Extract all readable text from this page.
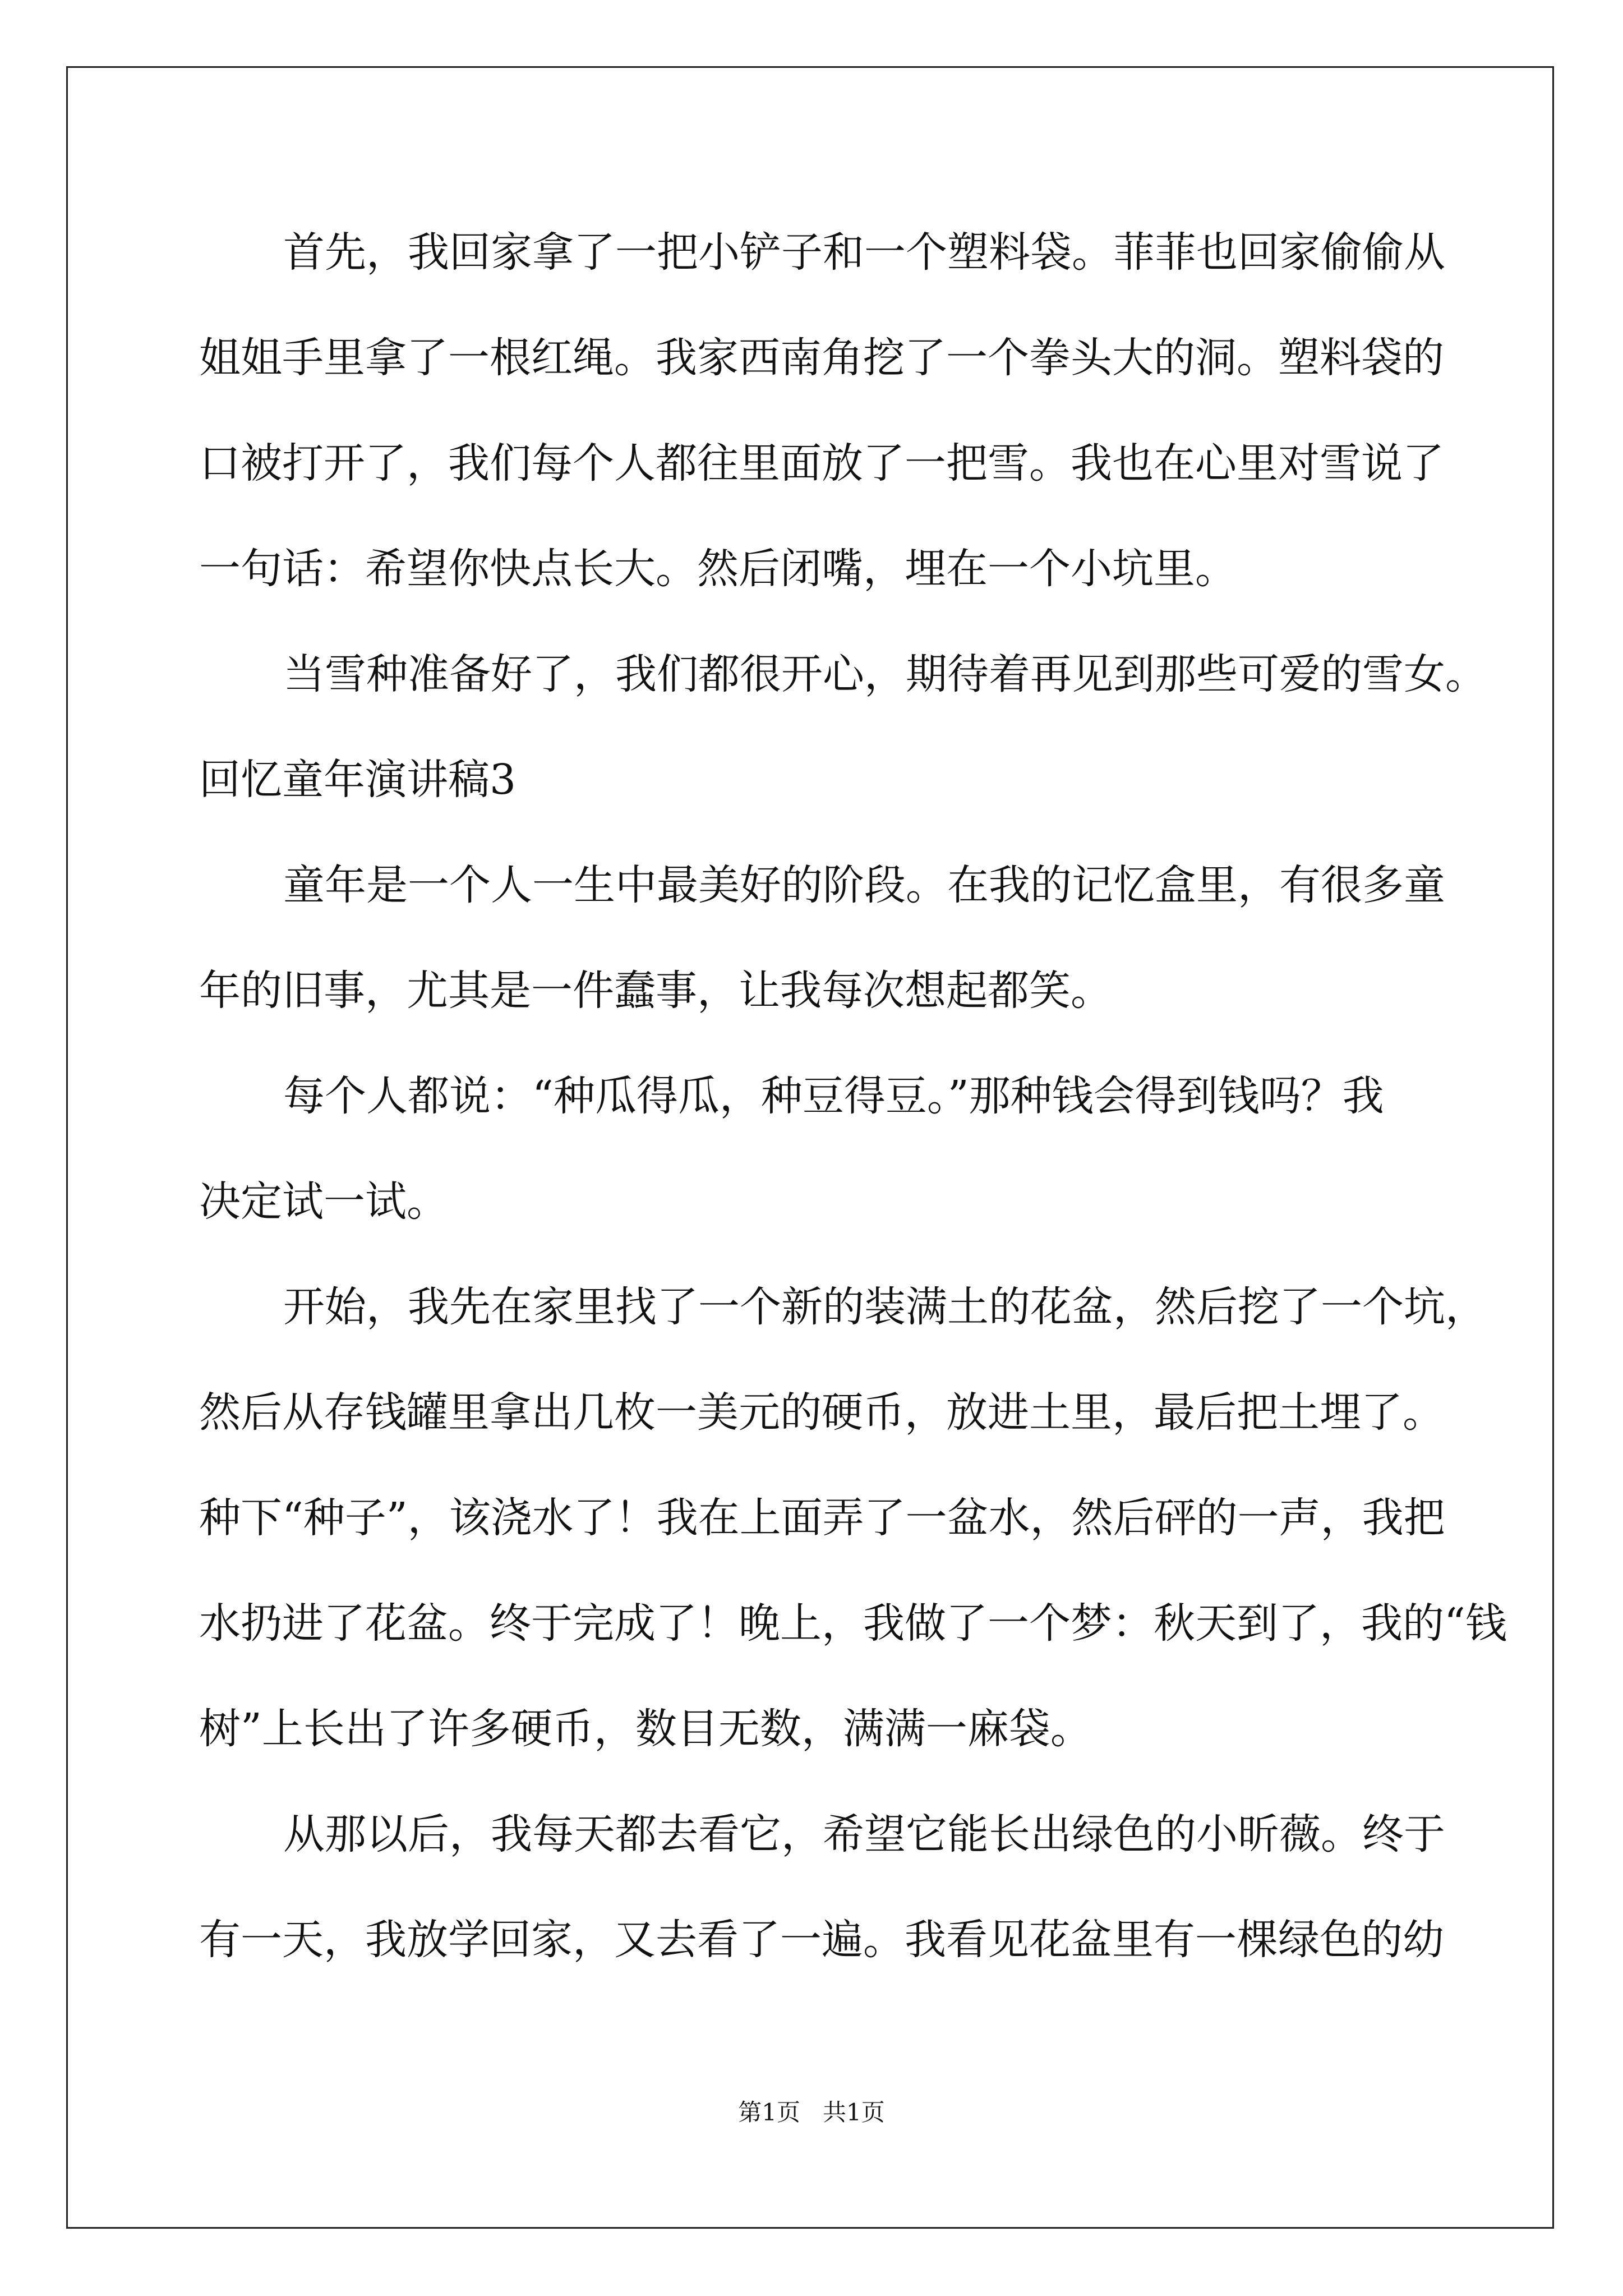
首先，我回家拿了一把小铲子和一个塑料袋。菲菲也回家偷偷从
姐姐手里拿了一根红绳。我家西南角挖了一个拳头大的洞。塑料袋的
口被打开了，我们每个人都往里面放了一把雪。我也在心里对雪说了
一句话：希望你快点长大。然后闭嘴，埋在一个小坑里。
当雪种准备好了，我们都很开心，期待着再见到那些可爱的雪女。
回忆童年演讲稿3
童年是一个人一生中最美好的阶段。在我的记忆盒里，有很多童
年的旧事，尤其是一件蠢事，让我每次想起都笑。
每个人都说：“种瓜得瓜，种豆得豆。”那种钱会得到钱吗？我
决定试一试。
开始，我先在家里找了一个新的装满土的花盆，然后挖了一个坑，
然后从存钱罐里拿出几枚一美元的硬币，放进土里，最后把土埋了。
种下“种子”，该浇水了！我在上面弄了一盆水，然后砰的一声，我把
水扔进了花盆。终于完成了！晚上，我做了一个梦：秋天到了，我的“钱
树”上长出了许多硬币，数目无数，满满一麻袋。
从那以后，我每天都去看它，希望它能长出绿色的小昕薇。终于
有一天，我放学回家，又去看了一遍。我看见花盆里有一棵绿色的幼
第1页 共1页
